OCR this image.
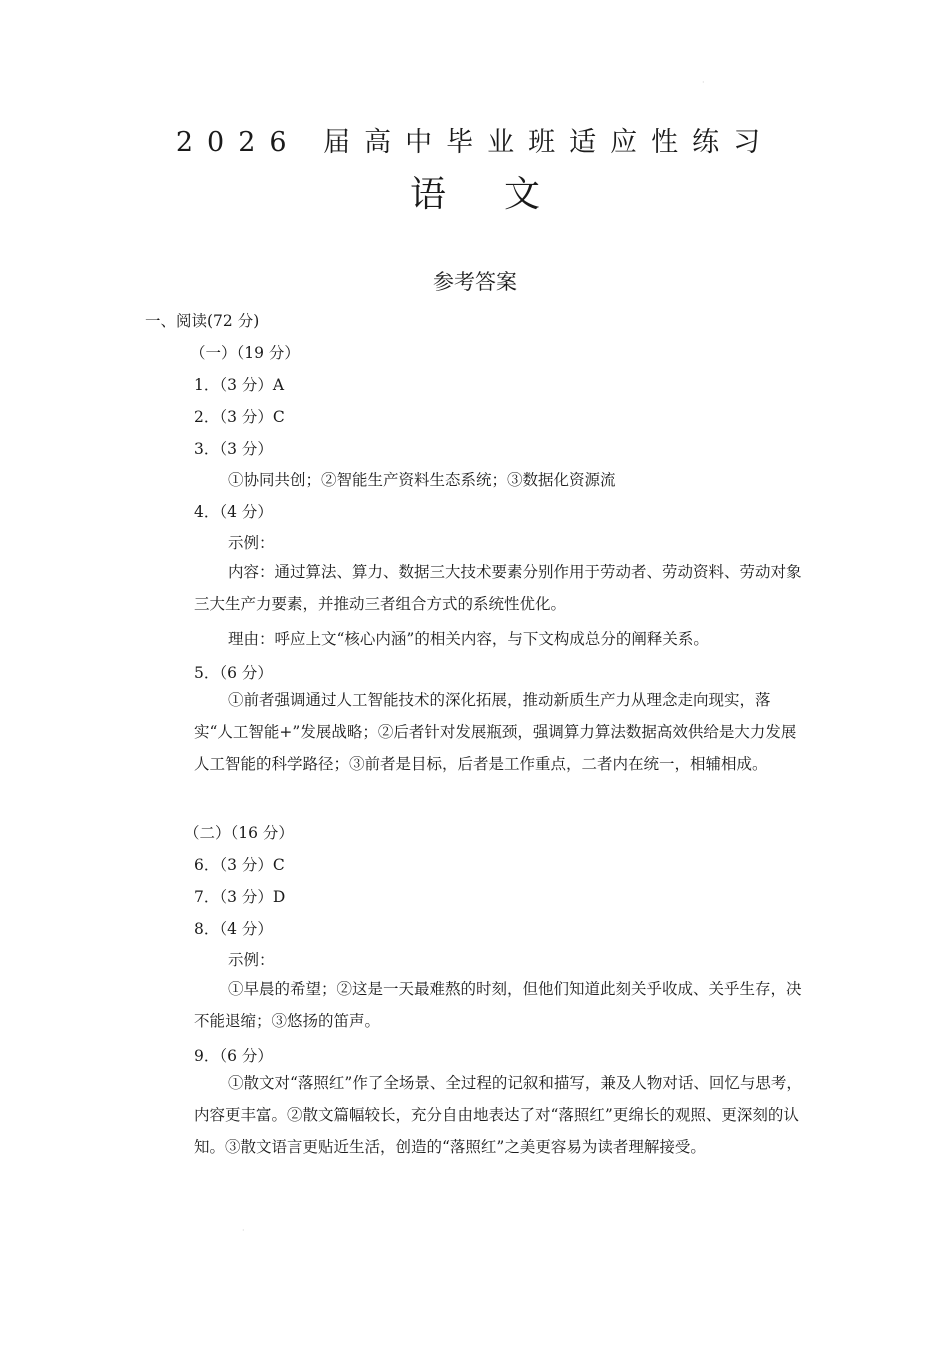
2026 届高中毕业班适应性练习
语文
参考答案
一、阅读(72 分)
（一）（19 分）
1．（3 分）A
2．（3 分）C
3．（3 分）
①协同共创；②智能生产资料生态系统；③数据化资源流
4．（4 分）
示例：
内容：通过算法、算力、数据三大技术要素分别作用于劳动者、劳动资料、劳动对象三大生产力要素，并推动三者组合方式的系统性优化。
理由：呼应上文“核心内涵”的相关内容，与下文构成总分的阐释关系。
5．（6 分）
①前者强调通过人工智能技术的深化拓展，推动新质生产力从理念走向现实，落实“人工智能+”发展战略；②后者针对发展瓶颈，强调算力算法数据高效供给是大力发展人工智能的科学路径；③前者是目标，后者是工作重点，二者内在统一，相辅相成。
（二）（16 分）
6．（3 分）C
7．（3 分）D
8．（4 分）
示例：
①早晨的希望；②这是一天最难熬的时刻，但他们知道此刻关乎收成、关乎生存，决不能退缩；③悠扬的笛声。
9．（6 分）
①散文对“落照红”作了全场景、全过程的记叙和描写，兼及人物对话、回忆与思考，内容更丰富。②散文篇幅较长，充分自由地表达了对“落照红”更绵长的观照、更深刻的认知。③散文语言更贴近生活，创造的“落照红”之美更容易为读者理解接受。
·
·
